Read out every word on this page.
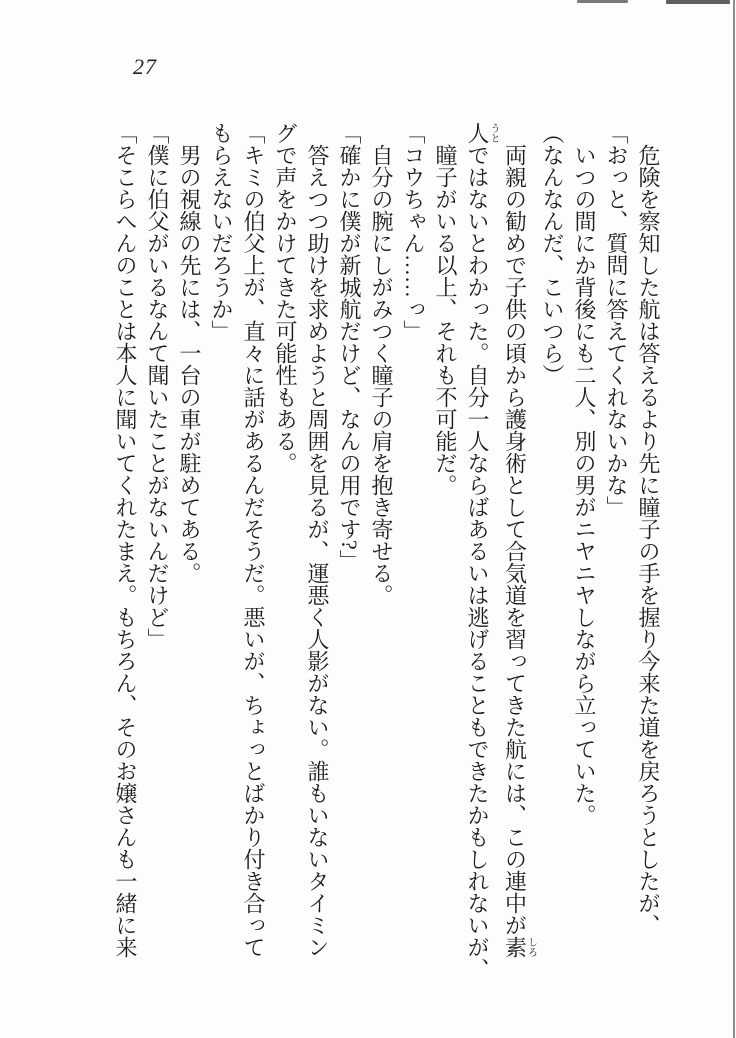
27
危険を察知した航は答えるより先に瞳子の手を握り今来た道を戻ろうとしたが、
「おっと、質問に答えてくれないかな」
いつの間にか背後にも二人、別の男がニヤニヤしながら立っていた。
（なんなんだ、こいつら）
両親の勧めで子供の頃から護身術として合気道を習ってきた航には、この連中が素しろ
人うとではないとわかった。自分一人ならばあるいは逃げることもできたかもしれないが、
瞳子がいる以上、それも不可能だ。
「コウちゃん……っ」
自分の腕にしがみつく瞳子の肩を抱き寄せる。
「確かに僕が新城航だけど、なんの用です?」
答えつつ助けを求めようと周囲を見るが、運悪く人影がない。誰もいないタイミン
グで声をかけてきた可能性もある。
「キミの伯父上が、直々に話があるんだそうだ。悪いが、ちょっとばかり付き合って
もらえないだろうか」
男の視線の先には、一台の車が駐めてある。
「僕に伯父がいるなんて聞いたことがないんだけど」
「そこらへんのことは本人に聞いてくれたまえ。もちろん、そのお嬢さんも一緒に来
